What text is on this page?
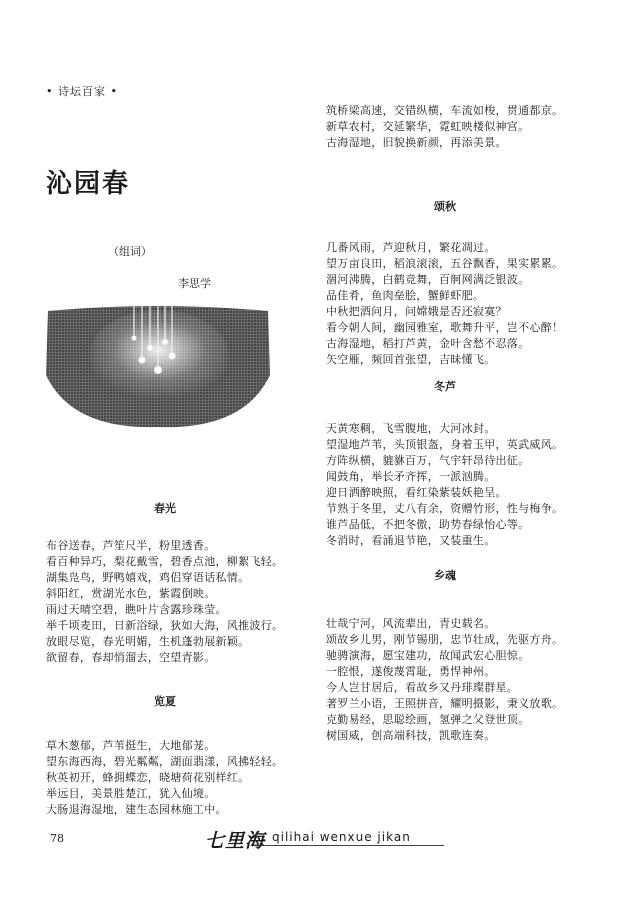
• 诗坛百家 •
沁园春
（组词）
李思学
春光
布谷送春，芦笙尺半，粉里透香。
看百种异巧，梨花戴雪，碧香点池，柳絮飞轻。
湖集凫鸟，野鸭嬉戏，鸡侣穿语话私情。
斜阳红，赏湖光水色，紫霞倒映。
雨过天晴空碧，瞧叶片含露珍珠莹。
举千顷麦田，日新浴绿，狄如大海，风推波行。
放眼尽览，春光明媚，生机蓬勃展新颖。
欲留春，春却悄溜去，空望青影。
览夏
草木葱郁，芦苇挺生，大地郁茏。
望东海西海，碧光粼粼，湖面翡漾，风拂轻轻。
秋英初开，蜂拥蝶恋，晓塘荷花别样红。
举远目，美景胜楚江，犹入仙境。
大肠退海湿地，建生态园林施工中。
筑桥梁高速，交错纵横，车流如梭，贯通都京。
新草农村，交延繁华，霓虹映楼似神宫。
古海湿地，旧貌换新颜，再添美景。
颂秋
几番风雨，芦迎秋月，繁花凋过。
望万亩良田，稻浪滚滚，五谷飘香，果实累累。
涸河沸腾，白鹤竞舞，百舸网满泛银波。
品佳肴，鱼肉垒脍，蟹鲜虾肥。
中秋把酒问月，问嫦娥是否还寂寞？
看今朝人间，幽园雅室，歌舞升平，岂不心醉！
古海湿地，稻打芦黄，金叶含愁不忍落。
矢空雁，频回首张望，吉昧懂飞。
冬芦
天黄寒稠，飞雪腹地，大河冰封。
望湿地芦苇，头顶银盔，身着玉甲，英武威风。
方阵纵横，貔貅百万，气宇轩昂待出征。
闻鼓角，举长矛齐挥，一派汹腾。
迎日洒醉映照，看红染紫装妖艳呈。
节熟于冬里，丈八有余，资赠竹形，性与梅争。
谁芦品低，不把冬傲，助势春绿怡心等。
冬消时，看涌退节艳，又装重生。
乡魂
壮哉宁河，风流辈出，青史载名。
颂故乡儿男，刚节锡朋，忠节壮成，先驱方舟。
驰骋演海，愿宝建功，故闻武宏心胆惊。
一腔恨，遂俊蔑霄耻，勇悍神州。
今人岂甘居后，看故乡又丹琲璨群星。
著罗兰小语，王照拼音，耀明摄影，秉义放歌。
克勤易经，思聪绘画，氢弹之父登世顶。
树国威，创高端科技，凯歌连奏。
78	七里海 qilihai wenxue jikan
